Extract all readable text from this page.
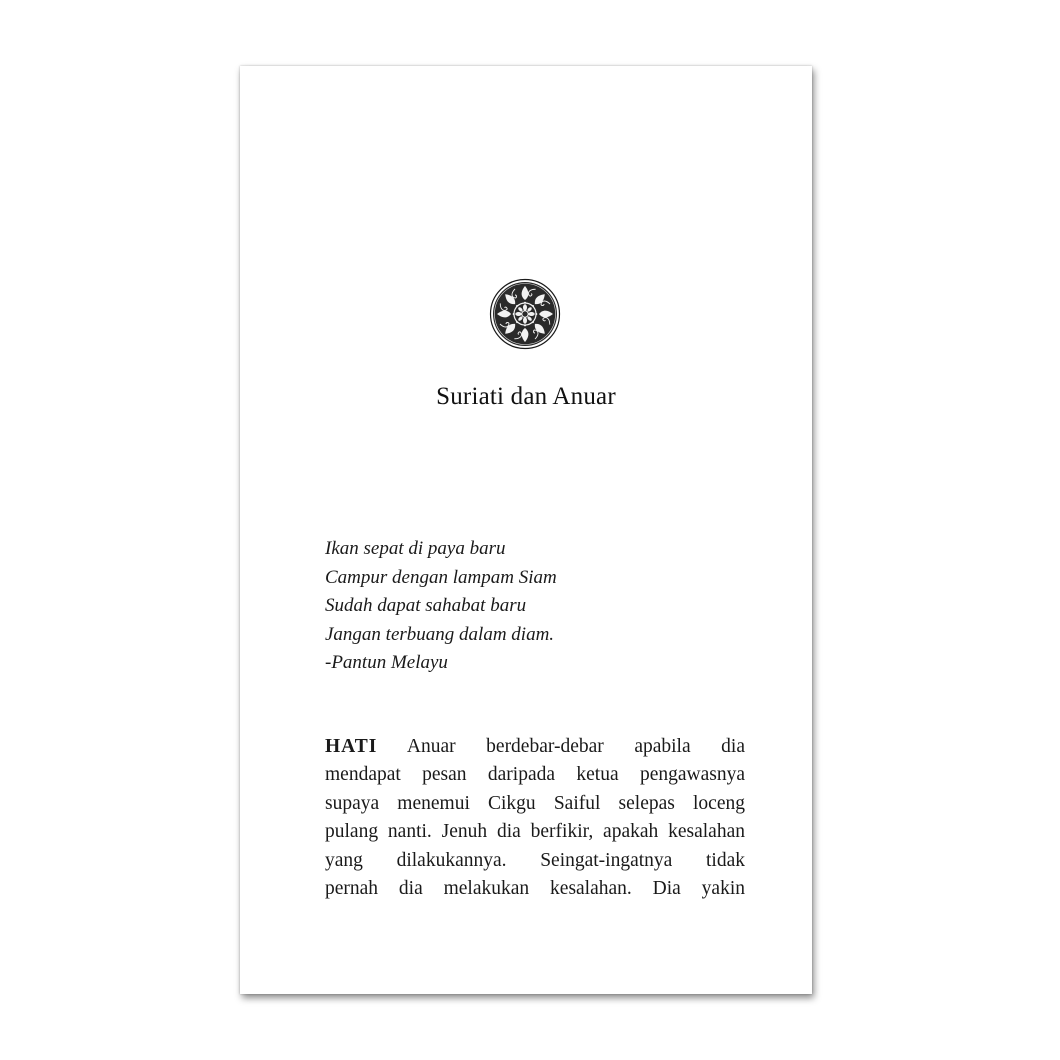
Suriati dan Anuar
Ikan sepat di paya baru
Campur dengan lampam Siam
Sudah dapat sahabat baru
Jangan terbuang dalam diam.
-Pantun Melayu
HATI Anuar berdebar-debar apabila dia
mendapat pesan daripada ketua pengawasnya
supaya menemui Cikgu Saiful selepas loceng
pulang nanti. Jenuh dia berfikir, apakah kesalahan
yang dilakukannya. Seingat-ingatnya tidak
pernah dia melakukan kesalahan. Dia yakin
